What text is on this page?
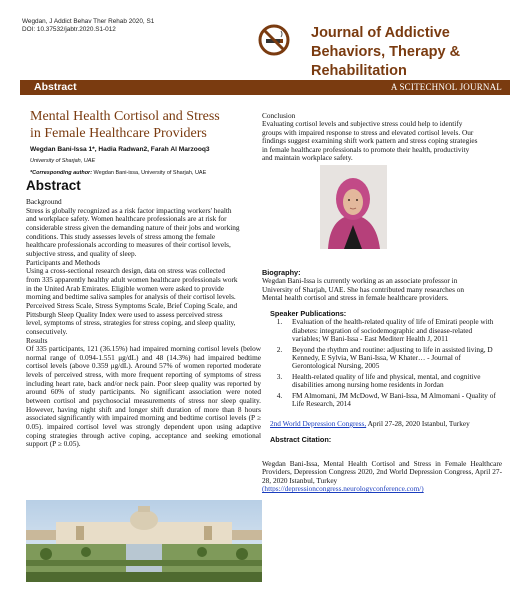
Wegdan, J Addict Behav Ther Rehab 2020, S1
DOI: 10.37532/jabtr.2020.S1-012	Journal of Addictive
Behaviors, Therapy &
Rehabilitation
Abstract	A SCITECHNOL JOURNAL
Mental Health Cortisol and Stress
in Female Healthcare Providers
Wegdan Bani-Issa 1*, Hadia Radwan2, Farah Al Marzooq3
University of Sharjah, UAE
*Corresponding author: Wegdan Bani-issa, University of Sharjah, UAE
Abstract

Background

Stress is globally recognized as a risk factor impacting workers' health

and workplace safety. Women healthcare professionals are at risk for

considerable stress given the demanding nature of their jobs and working

conditions. This study assesses levels of stress among the female

healthcare professionals according to measures of their cortisol levels,

subjective stress, and quality of sleep.

Participants and Methods

Using a cross-sectional research design, data on stress was collected

from 335 apparently healthy adult women healthcare professionals work

in the United Arab Emirates. Eligible women were asked to provide

morning and bedtime saliva samples for analysis of their cortisol levels.

Perceived Stress Scale, Stress Symptoms Scale, Brief Coping Scale, and

Pittsburgh Sleep Quality Index were used to assess perceived stress

level, symptoms of stress, strategies for stress coping, and sleep quality,

consecutively.

Results

Of 335 participants, 121 (36.15%) had impaired morning cortisol levels (below normal range of 0.094-1.551 μg/dL) and 48 (14.3%) had impaired bedtime cortisol levels (above 0.359 μg/dL). Around 57% of women reported moderate levels of perceived stress, with more frequent reporting of symptoms of stress including heart rate, back and/or neck pain. Poor sleep quality was reported by around 60% of study participants. No significant association were noted between cortisol and psychosocial measurements of stress nor sleep quality. However, having night shift and longer shift duration of more than 8 hours associated significantly with impaired morning and bedtime cortisol levels (P ≥ 0.05). impaired cortisol level was strongly dependent upon using adaptive coping strategies through active coping, acceptance and seeking emotional support (P ≥ 0.05).

Conclusion

Evaluating cortisol levels and subjective stress could help to identify

groups with impaired response to stress and elevated cortisol levels. Our

findings suggest examining shift work pattern and stress coping strategies

in female healthcare professionals to promote their health, productivity

and maintain workplace safety.

Biography:

Wegdan Bani-Issa is currently working as an associate professor in

University of Sharjah, UAE. She has contributed many researches on

Mental health cortisol and stress in female healthcare providers.

Speaker Publications:

1. Evaluation of the health-related quality of life of Emirati people with diabetes: integration of sociodemographic and disease-related variables; W Bani-Issa - East Mediterr Health J, 2011
2. Beyond the rhythm and routine: adjusting to life in assisted living, D Kennedy, E Sylvia, W Bani-Issa, W Khater… - Journal of Gerontological Nursing, 2005
3. Health-related quality of life and physical, mental, and cognitive disabilities among nursing home residents in Jordan
4. FM Almomani, JM McDowd, W Bani-Issa, M Almomani - Quality of Life Research, 2014
2nd World Depression Congress, April 27-28, 2020 Istanbul, Turkey

Abstract Citation:

Wegdan Bani-Issa, Mental Health Cortisol and Stress in Female Healthcare Providers, Depression Congress 2020, 2nd World Depression Congress, April 27-28, 2020 Istanbul, Turkey

(https://depressioncongress.neurologyconference.com/)
